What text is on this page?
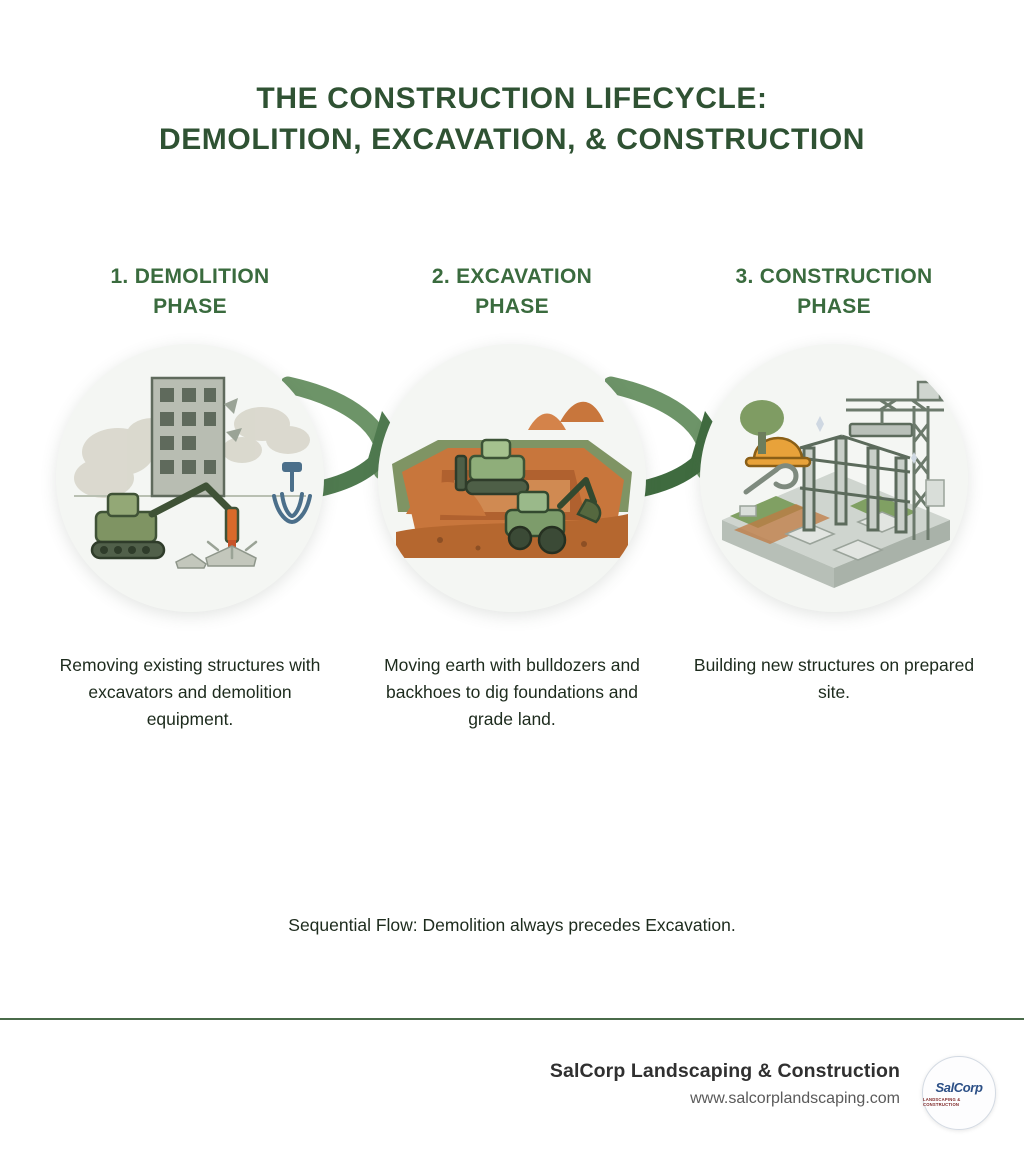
THE CONSTRUCTION LIFECYCLE:
DEMOLITION, EXCAVATION, & CONSTRUCTION
1. DEMOLITION
PHASE
Removing existing structures with excavators and demolition equipment.
2. EXCAVATION
PHASE
Moving earth with bulldozers and backhoes to dig foundations and grade land.
3. CONSTRUCTION
PHASE
Building new structures on prepared site.
Sequential Flow: Demolition always precedes Excavation.
SalCorp Landscaping & Construction
www.salcorplandscaping.com
SalCorp
LANDSCAPING & CONSTRUCTION
